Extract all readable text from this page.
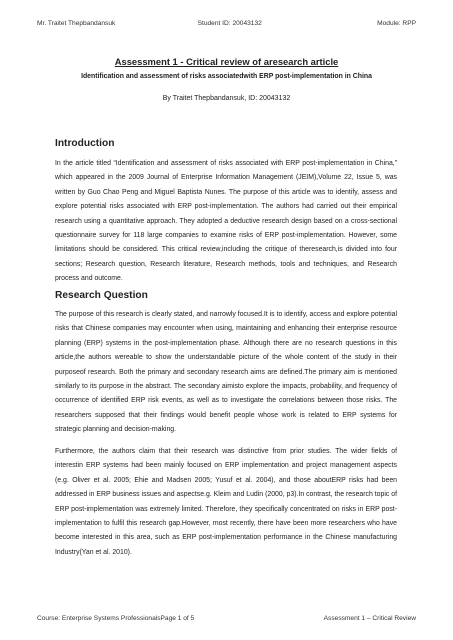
Mr. Traitet Thepbandansuk	Student ID: 20043132	Module: RPP
Assessment 1 - Critical review of aresearch article
Identification and assessment of risks associatedwith ERP post-implementation in China
By Traitet Thepbandansuk, ID: 20043132
Introduction
In the article titled “Identification and assessment of risks associated with ERP post-implementation in China,” which appeared in the 2009 Journal of Enterprise Information Management (JEIM),Volume 22, Issue 5, was written by Guo Chao Peng and Miguel Baptista Nunes. The purpose of this article was to identify, assess and explore potential risks associated with ERP post-implementation. The authors had carried out their empirical research using a quantitative approach. They adopted a deductive research design based on a cross-sectional questionnaire survey for 118 large companies to examine risks of ERP post-implementation. However, some limitations should be considered. This critical review,including the critique of theresearch,is divided into four sections; Research question, Research literature, Research methods, tools and techniques, and Research process and outcome.
Research Question
The purpose of this research is clearly stated, and narrowly focused.It is to identify, access and explore potential risks that Chinese companies may encounter when using, maintaining and enhancing their enterprise resource planning (ERP) systems in the post-implementation phase. Although there are no research questions in this article,the authors wereable to show the understandable picture of the whole content of the study in their purposeof research. Both the primary and secondary research aims are defined.The primary aim is mentioned similarly to its purpose in the abstract. The secondary aimisto explore the impacts, probability, and frequency of occurrence of identified ERP risk events, as well as to investigate the correlations between those risks. The researchers supposed that their findings would benefit people whose work is related to ERP systems for strategic planning and decision-making.
Furthermore, the authors claim that their research was distinctive from prior studies. The wider fields of interestin ERP systems had been mainly focused on ERP implementation and project management aspects (e.g. Oliver et al. 2005; Ehie and Madsen 2005; Yusuf et al. 2004), and those aboutERP risks had been addressed in ERP business issues and aspectse.g. Kleim and Ludin (2000, p3).In contrast, the research topic of ERP post-implementation was extremely limited. Therefore, they specifically concentrated on risks in ERP post-implementation to fulfil this research gap.However, most recently, there have been more researchers who have become interested in this area, such as ERP post-implementation performance in the Chinese manufacturing Industry(Yan et al. 2010).
Course: Enterprise Systems ProfessionalsPage 1 of 5	Assessment 1 – Critical Review
